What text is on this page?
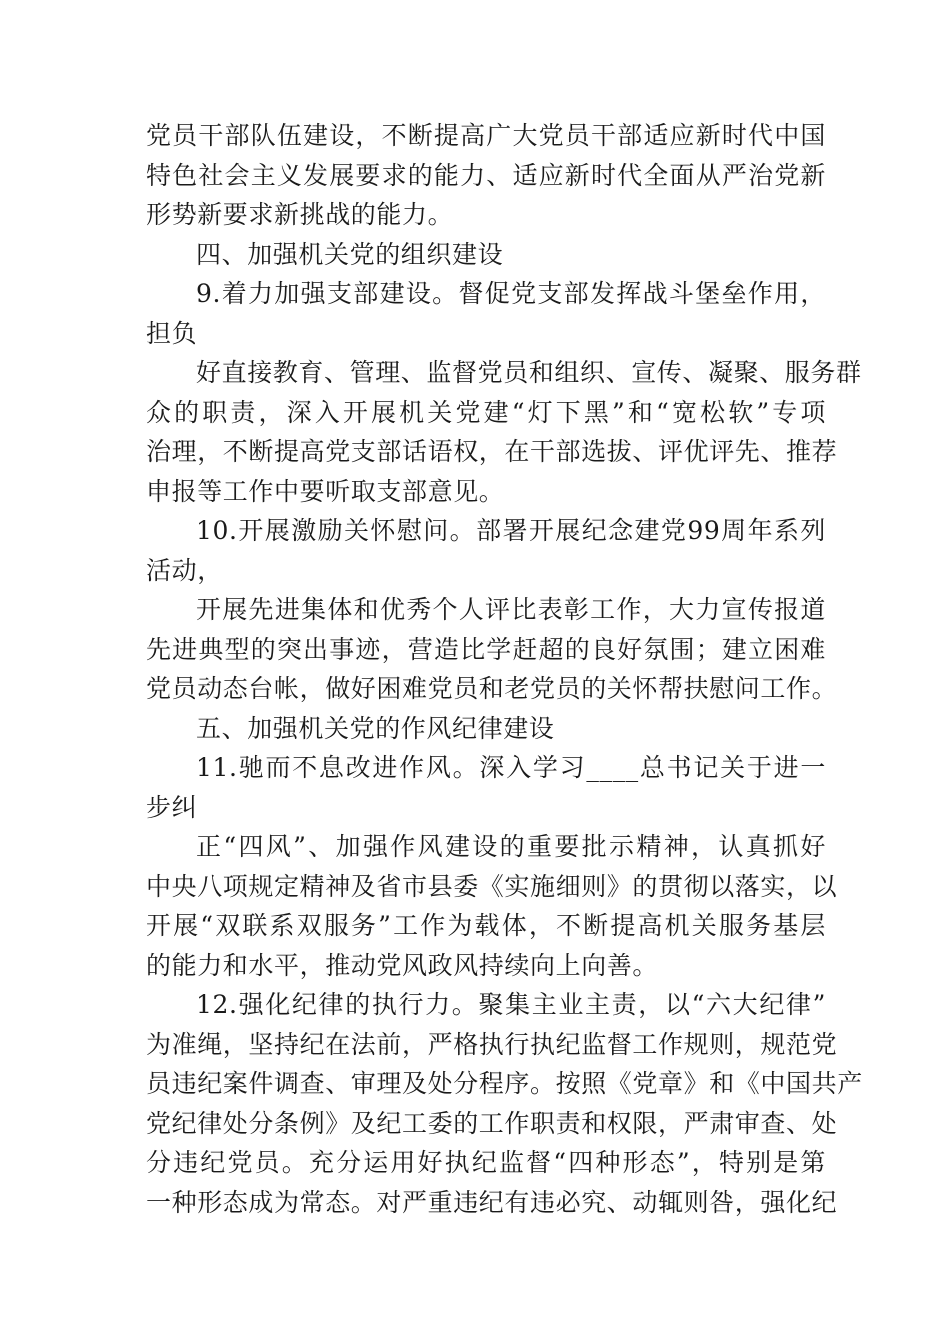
党员干部队伍建设，不断提高广大党员干部适应新时代中国
特色社会主义发展要求的能力、适应新时代全面从严治党新
形势新要求新挑战的能力。
四、加强机关党的组织建设
9.着力加强支部建设。督促党支部发挥战斗堡垒作用，
担负
好直接教育、管理、监督党员和组织、宣传、凝聚、服务群
众的职责，深入开展机关党建“灯下黑”和“宽松软”专项
治理，不断提高党支部话语权，在干部选拔、评优评先、推荐
申报等工作中要听取支部意见。
10.开展激励关怀慰问。部署开展纪念建党99周年系列
活动，
开展先进集体和优秀个人评比表彰工作，大力宣传报道
先进典型的突出事迹，营造比学赶超的良好氛围；建立困难
党员动态台帐，做好困难党员和老党员的关怀帮扶慰问工作。
五、加强机关党的作风纪律建设
11.驰而不息改进作风。深入学习____总书记关于进一
步纠
正“四风”、加强作风建设的重要批示精神，认真抓好
中央八项规定精神及省市县委《实施细则》的贯彻以落实，以
开展“双联系双服务”工作为载体，不断提高机关服务基层
的能力和水平，推动党风政风持续向上向善。
12.强化纪律的执行力。聚集主业主责，以“六大纪律”
为准绳，坚持纪在法前，严格执行执纪监督工作规则，规范党
员违纪案件调查、审理及处分程序。按照《党章》和《中国共产
党纪律处分条例》及纪工委的工作职责和权限，严肃审查、处
分违纪党员。充分运用好执纪监督“四种形态”，特别是第
一种形态成为常态。对严重违纪有违必究、动辄则咎，强化纪
